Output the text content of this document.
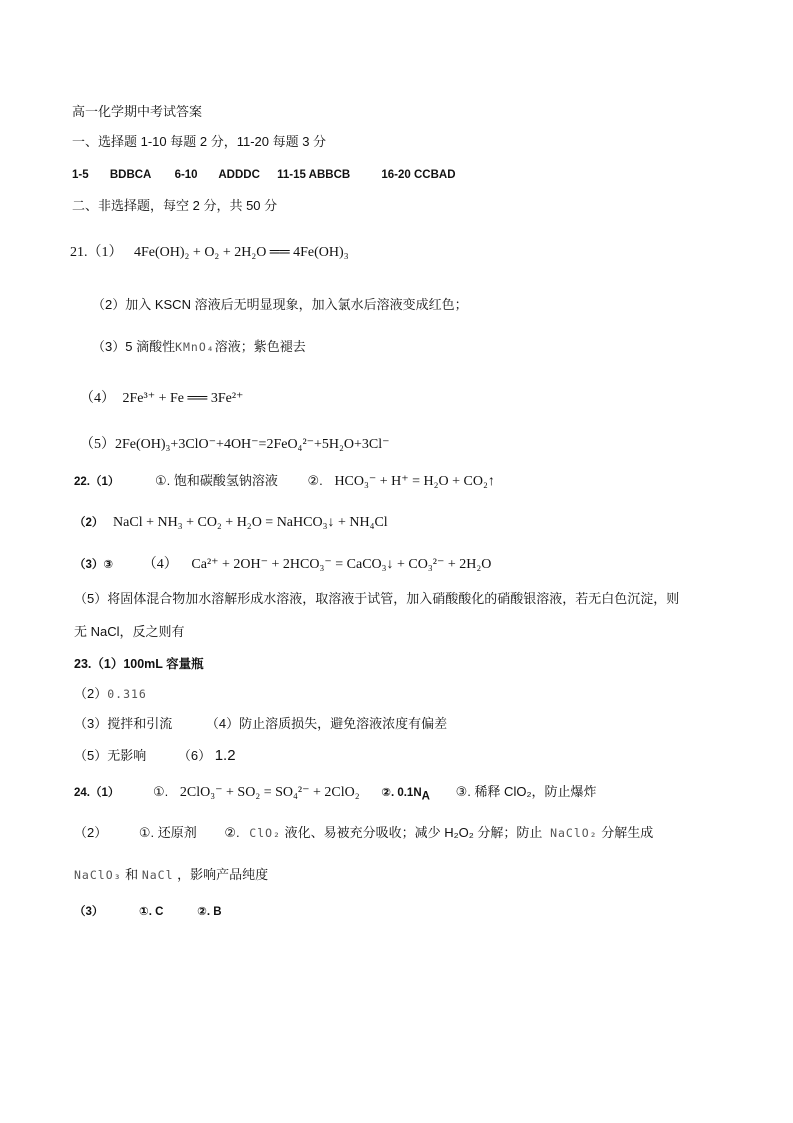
高一化学期中考试答案
一、选择题 1-10 每题 2 分，11-20 每题 3 分
1-5 BDBCA 6-10 ADDDC 11-15 ABBCB	16-20 CCBAD
二、非选择题，每空 2 分，共 50 分
21.（1） 4Fe(OH)₂ + O₂ + 2H₂O ══ 4Fe(OH)₃
（2）加入 KSCN 溶液后无明显现象，加入氯水后溶液变成红色；
（3）5 滴酸性KMnO₄溶液；紫色褪去
（4） 2Fe³⁺ + Fe ══ 3Fe²⁺
（5）2Fe(OH)₃+3ClO⁻+4OH⁻=2FeO₄²⁻+5H₂O+3Cl⁻
22.（1）	①. 饱和碳酸氢钠溶液 ②. HCO₃⁻ + H⁺ = H₂O + CO₂↑
（2） NaCl + NH₃ + CO₂ + H₂O = NaHCO₃↓ + NH₄Cl
（3）③ （4） Ca²⁺ + 2OH⁻ + 2HCO₃⁻ = CaCO₃↓ + CO₃²⁻ + 2H₂O
（5）将固体混合物加水溶解形成水溶液，取溶液于试管，加入硝酸酸化的硝酸银溶液，若无白色沉淀，则
无 NaCl，反之则有
23.（1）100mL 容量瓶
（2）0.316
（3）搅拌和引流	（4）防止溶质损失，避免溶液浓度有偏差
（5）无影响 （6） 1.2
24.（1）	①. 2ClO₃⁻ + SO₂ = SO₄²⁻ + 2ClO₂ ②. $0.1N_A$ ③. 稀释 ClO₂，防止爆炸
（2） ①. 还原剂 ②. ClO₂ 液化、易被充分吸收；减少 H₂O₂ 分解；防止 NaClO₂ 分解生成
NaClO₃ 和 NaCl ，影响产品纯度
（3）	①. C	②. B
